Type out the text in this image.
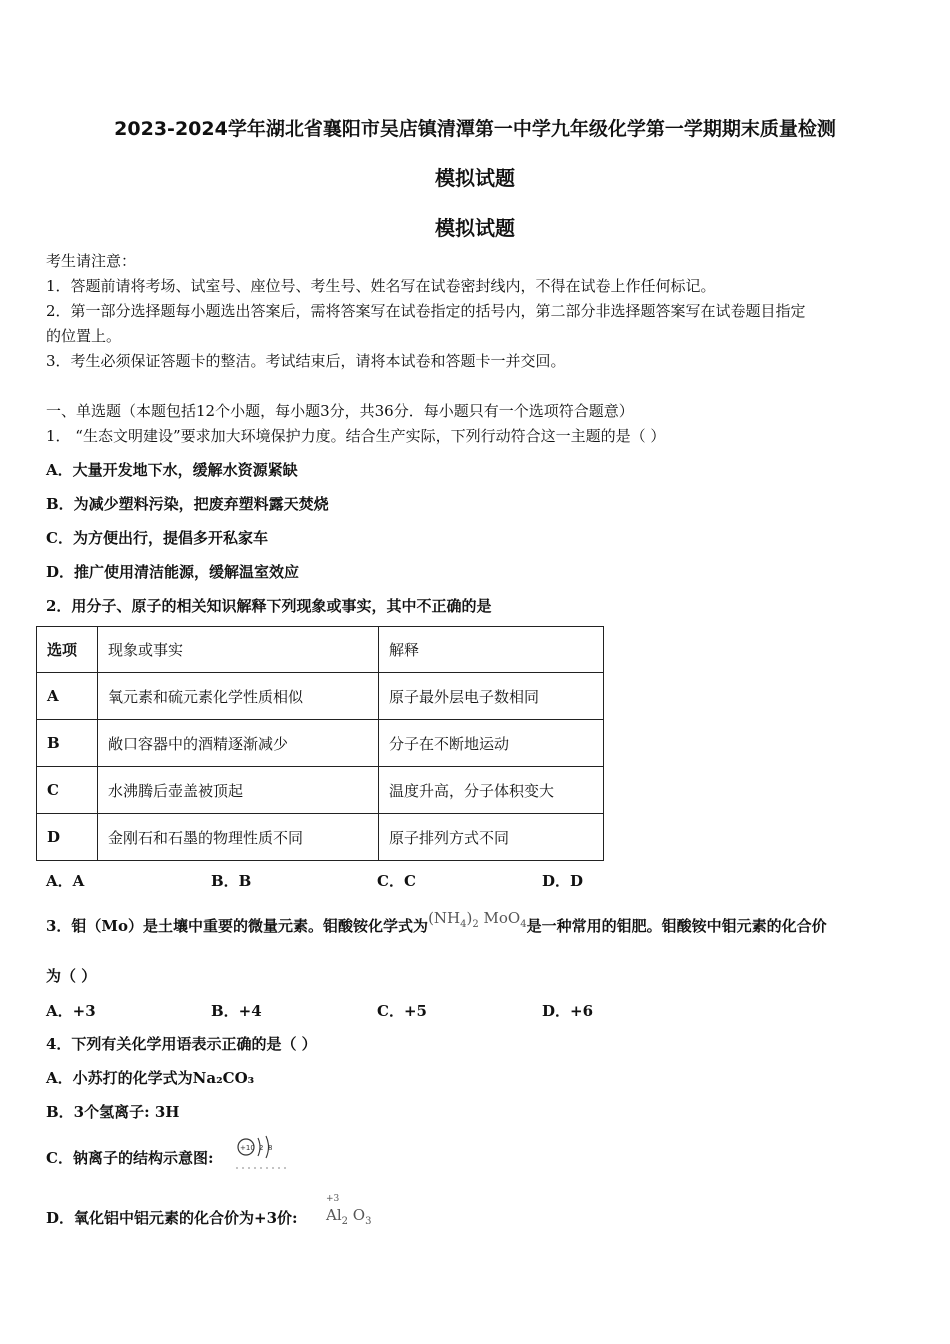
2023-2024学年湖北省襄阳市吴店镇清潭第一中学九年级化学第一学期期末质量检测
模拟试题
模拟试题
考生请注意：
1．答题前请将考场、试室号、座位号、考生号、姓名写在试卷密封线内，不得在试卷上作任何标记。
2．第一部分选择题每小题选出答案后，需将答案写在试卷指定的括号内，第二部分非选择题答案写在试卷题目指定
的位置上。
3．考生必须保证答题卡的整洁。考试结束后，请将本试卷和答题卡一并交回。
一、单选题（本题包括12个小题，每小题3分，共36分．每小题只有一个选项符合题意）
1． “生态文明建设”要求加大环境保护力度。结合生产实际，下列行动符合这一主题的是（ ）
A．大量开发地下水，缓解水资源紧缺
B．为减少塑料污染，把废弃塑料露天焚烧
C．为方便出行，提倡多开私家车
D．推广使用清洁能源，缓解温室效应
2．用分子、原子的相关知识解释下列现象或事实，其中不正确的是
选项	现象或事实	解释
A	氧元素和硫元素化学性质相似	原子最外层电子数相同
B	敞口容器中的酒精逐渐减少	分子在不断地运动
C	水沸腾后壶盖被顶起	温度升高，分子体积变大
D	金刚石和石墨的物理性质不同	原子排列方式不同
A．A	B．B	C．C	D．D
3．钼（Mo）是土壤中重要的微量元素。钼酸铵化学式为$(NH_4)_2$ MoO$_4$是一种常用的钼肥。钼酸铵中钼元素的化合价
为（ ）
A．+3	B．+4	C．+5	D．+6
4．下列有关化学用语表示正确的是（ ）
A．小苏打的化学式为Na₂CO₃
B．3个氢离子: 3H
C．钠离子的结构示意图:
+10 2 8
D．氧化铝中铝元素的化合价为+3价:
+3
$Al_2$ $O_3$
